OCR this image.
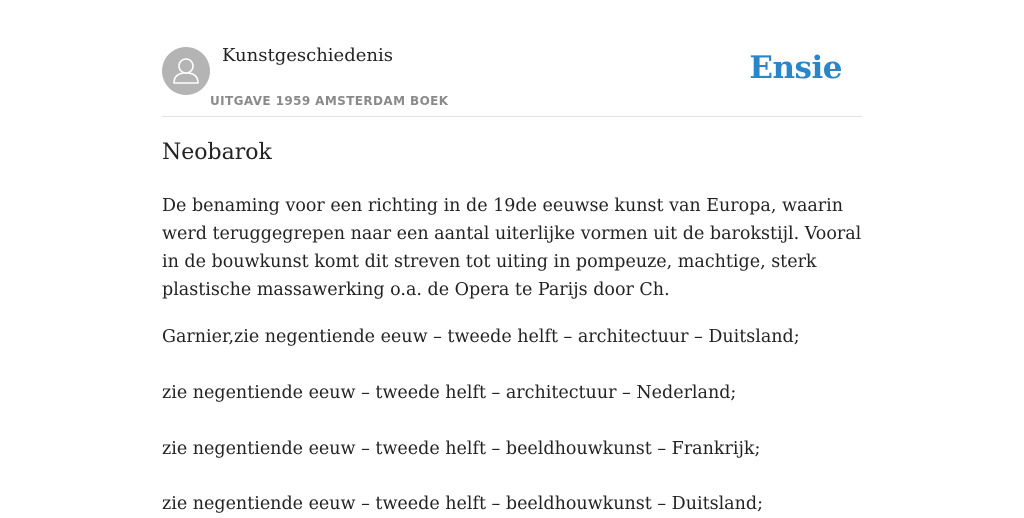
Kunstgeschiedenis
UITGAVE 1959 AMSTERDAM BOEK
Ensie
Neobarok

De benaming voor een richting in de 19de eeuwse kunst van Europa, waarin werd teruggegrepen naar een aantal uiterlijke vormen uit de barokstijl. Vooral in de bouwkunst komt dit streven tot uiting in pompeuze, machtige, sterk plastische massawerking o.a. de Opera te Parijs door Ch.

Garnier,zie negentiende eeuw – tweede helft – architectuur – Duitsland;

zie negentiende eeuw – tweede helft – architectuur – Nederland;

zie negentiende eeuw – tweede helft – beeldhouwkunst – Frankrijk;

zie negentiende eeuw – tweede helft – beeldhouwkunst – Duitsland;
